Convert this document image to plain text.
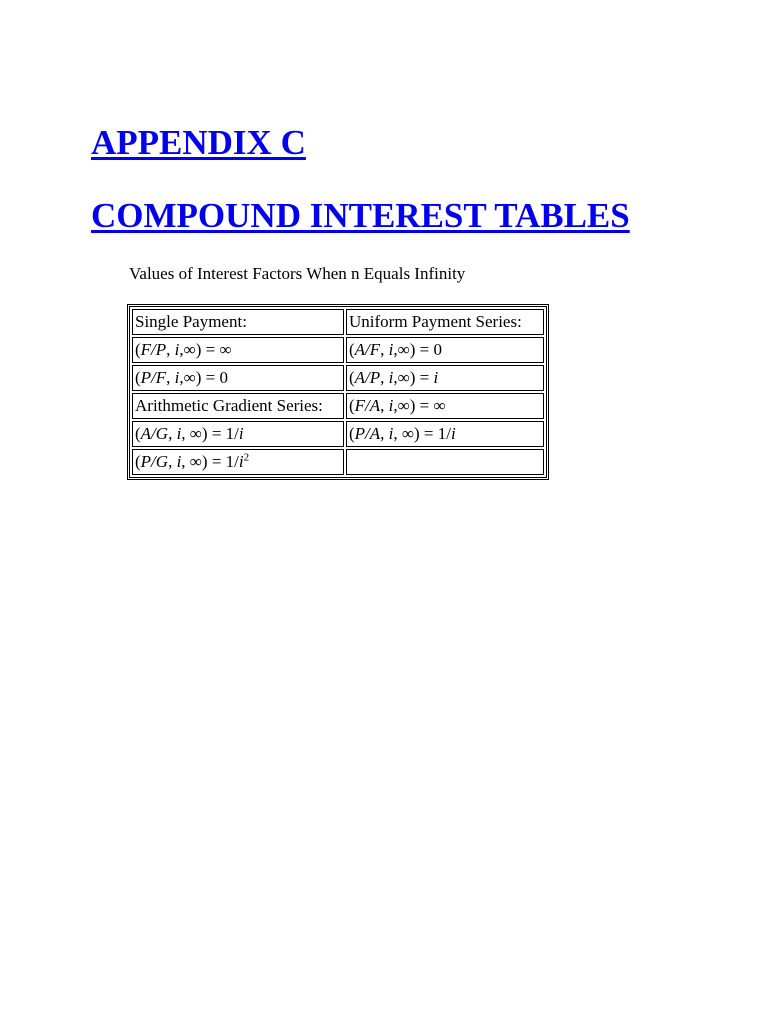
APPENDIX C
COMPOUND INTEREST TABLES
Values of Interest Factors When n Equals Infinity
Single Payment:	Uniform Payment Series:
(F/P, i,∞) = ∞	(A/F, i,∞) = 0
(P/F, i,∞) = 0	(A/P, i,∞) = i
Arithmetic Gradient Series:	(F/A, i,∞) = ∞
(A/G, i, ∞) = 1/i	(P/A, i, ∞) = 1/i
(P/G, i, ∞) = $1/i^2$	
